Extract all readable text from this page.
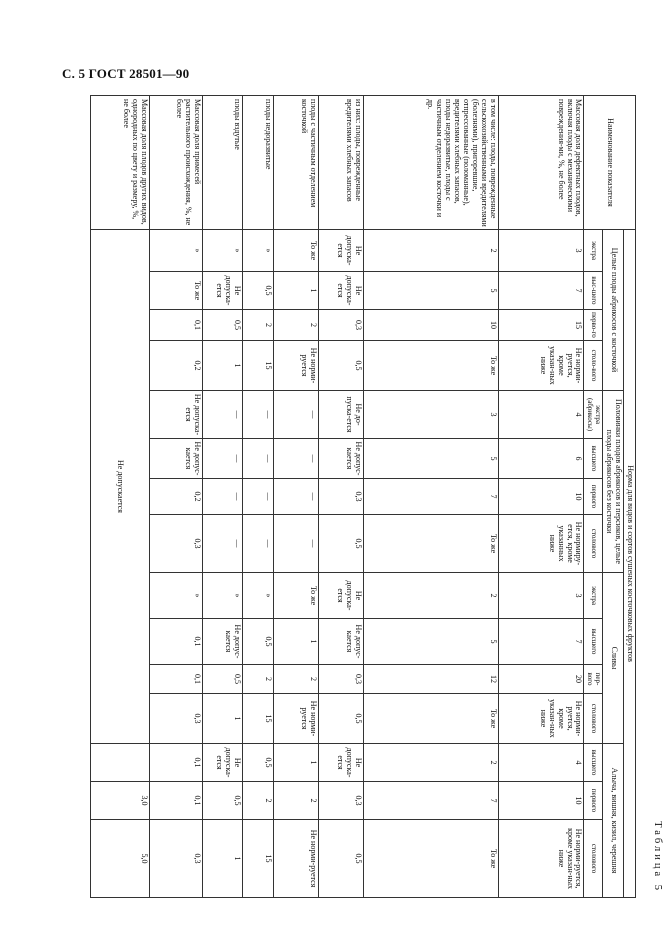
С. 5 ГОСТ 28501—90
Таблица 5
Наименование показателя	Норма для видов и сортов сушеных косточковых фруктов														
	Целые плоды абрикосов с косточкой				Половинки плодов абрикосов и персиков, целые плоды абрикосов без косточки				Сливы				Алыча, вишня, кизил, черешня		
	экстра	выс-шего	перво-го	столо-вого	экстра (абрикосы)	высшего	первого	столового	экстра	высшего	пер-вого	столового	высшего	первого	столового
Массовая доля дефектных плодов, включая плоды с механическими повреждения-ми, %, не более	3	7	15	Не норми-руется, кроме указан-ных ниже	4	6	10	Не нормиру-ется, кроме указанных ниже	3	7	20	Не норми-руется, кроме указан-ных ниже	4	10	Не норми-руется, кроме указан-ных ниже
в том числе: плоды, поврежденные сельскохозяйственными вредителями (болезнями), пригоревшие, отпрессованные (поломанные), вредителями хлебных запасов, плоды недоразвитые, плоды с частичным отделением косточки и др.	2	5	10	То же	3	5	7	То же	2	5	12	То же	2	7	То же
из них: плоды, поврежденные вредителями хлебных запасов	Не допуска-ется	Не допуска-ется	0,3	0,5	Не до-пуска-ется	Не допус-кается	0,3	0,5	Не допуска-ется	Не допус-кается	0,3	0,5	Не допуска-ется	0,3	0,5
плоды с частичным отделением косточкой	То же	1	2	Не норми-руется	—	—	—	—	То же	1	2	Не норми-руется	1	2	Не норми-руется
плоды недоразвитые	»	0,5	2	15	—	—	—	—	»	0,5	2	15	0,5	2	15
плоды вздутые	»	Не допуска-ется	0,5	1	—	—	—	—	»	Не допус-кается	0,5	1	Не допуска-ется	0,5	1
Массовая доля примесей растительного происхождения, %, не более	»	То же	0,1	0,2	Не допуска-ется	Не допус-кается	0,2	0,3	»	0,1	0,1	0,3	0,1	0,1	0,3
Массовая доля плодов других видов, однородных по цвету и размеру, %, не более	Не допускается													3,0	5,0
